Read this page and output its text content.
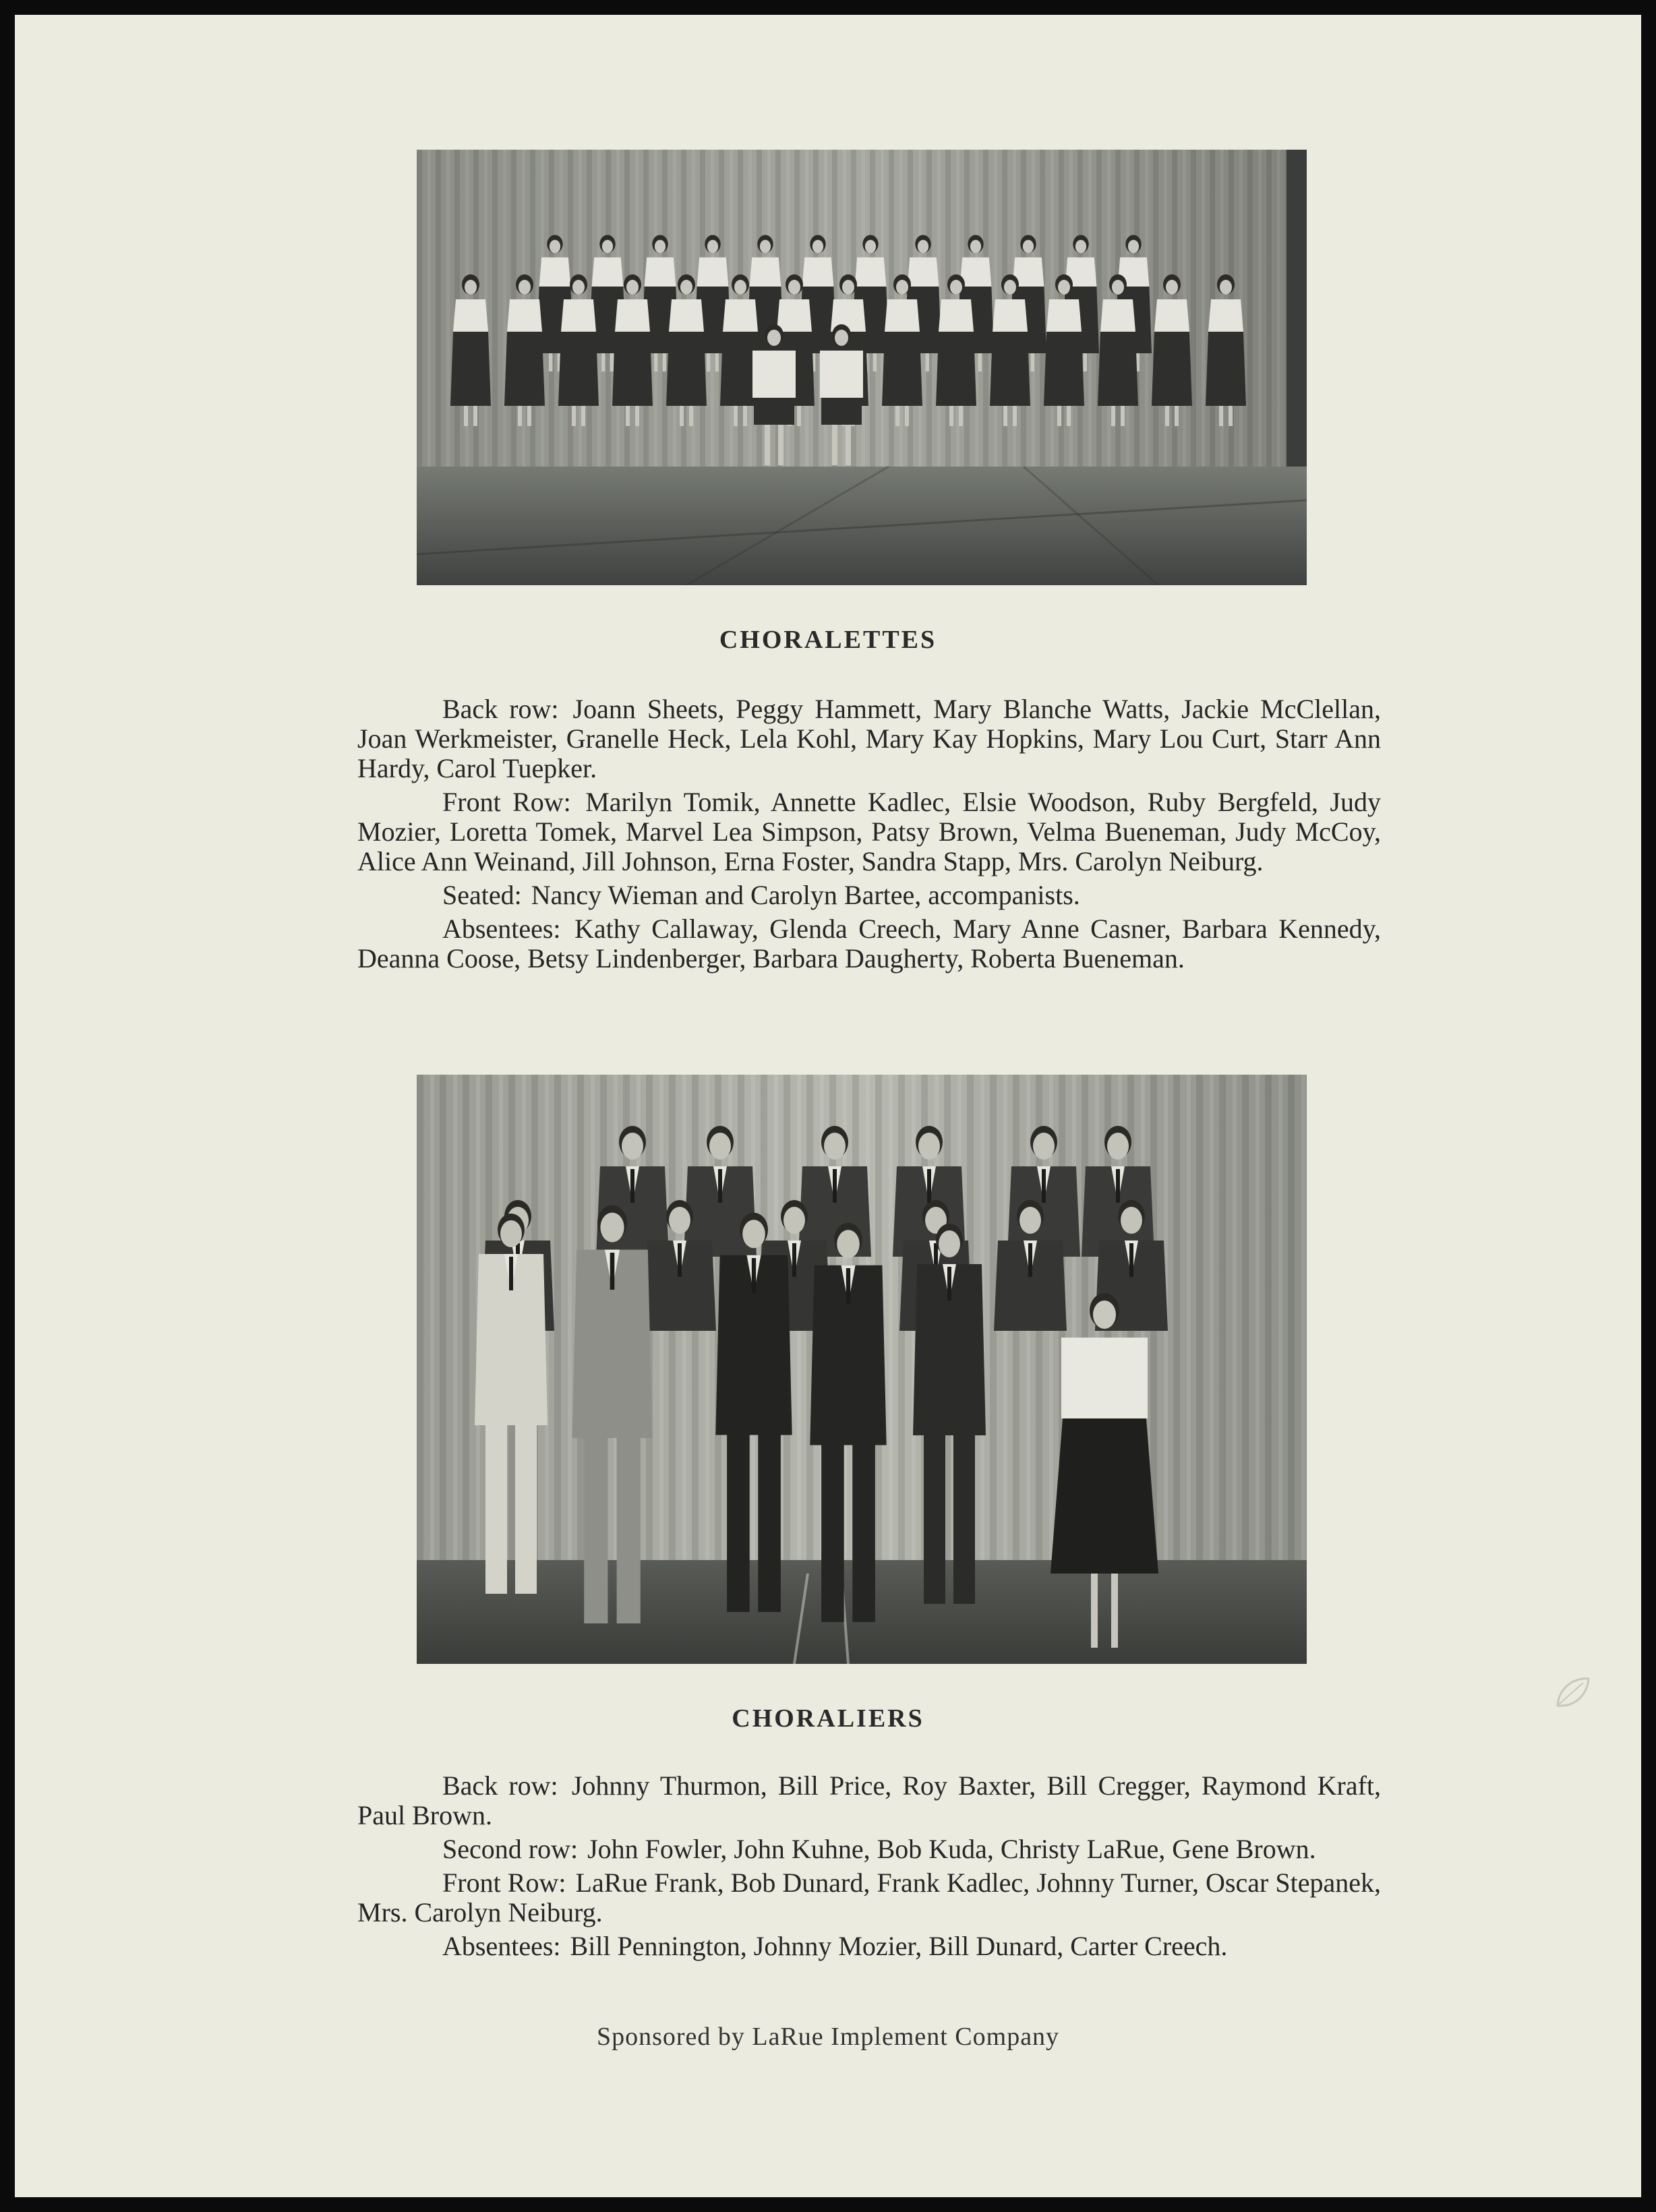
CHORALETTES

Back row: Joann Sheets, Peggy Hammett, Mary Blanche Watts, Jackie McClellan, Joan Werkmeister, Granelle Heck, Lela Kohl, Mary Kay Hopkins, Mary Lou Curt, Starr Ann Hardy, Carol Tuepker.

Front Row: Marilyn Tomik, Annette Kadlec, Elsie Woodson, Ruby Bergfeld, Judy Mozier, Loretta Tomek, Marvel Lea Simpson, Patsy Brown, Velma Bueneman, Judy McCoy, Alice Ann Weinand, Jill Johnson, Erna Foster, Sandra Stapp, Mrs. Carolyn Neiburg.

Seated: Nancy Wieman and Carolyn Bartee, accompanists.

Absentees: Kathy Callaway, Glenda Creech, Mary Anne Casner, Barbara Kennedy, Deanna Coose, Betsy Lindenberger, Barbara Daugherty, Roberta Bueneman.

CHORALIERS

Back row: Johnny Thurmon, Bill Price, Roy Baxter, Bill Cregger, Raymond Kraft, Paul Brown.

Second row: John Fowler, John Kuhne, Bob Kuda, Christy LaRue, Gene Brown.

Front Row: LaRue Frank, Bob Dunard, Frank Kadlec, Johnny Turner, Oscar Stepanek, Mrs. Carolyn Neiburg.

Absentees: Bill Pennington, Johnny Mozier, Bill Dunard, Carter Creech.

Sponsored by LaRue Implement Company
